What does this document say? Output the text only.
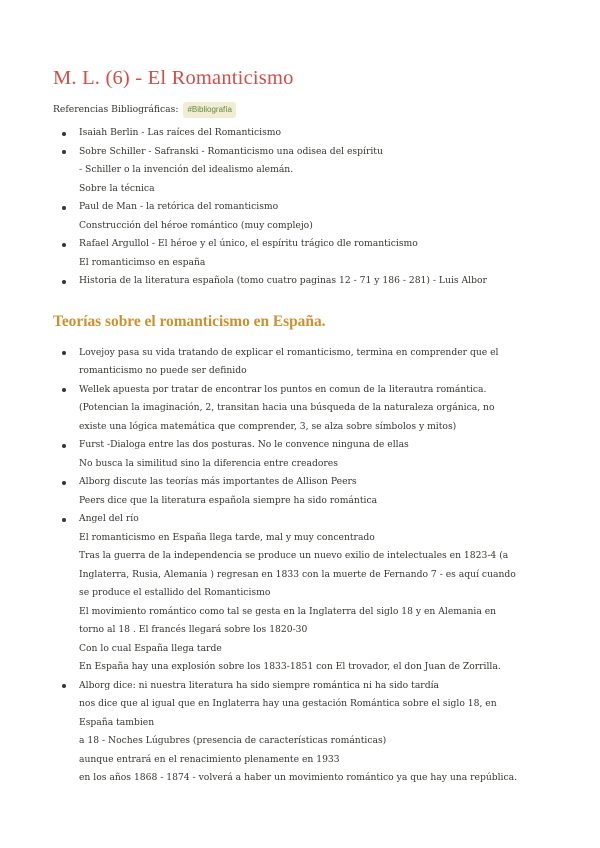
M. L. (6) - El Romanticismo
Referencias Bibliográficas:	#Bibliografía
Isaiah Berlin - Las raíces del Romanticismo
Sobre Schiller - Safranski - Romanticismo una odisea del espíritu
- Schiller o la invención del idealismo alemán.
Sobre la técnica
Paul de Man - la retórica del romanticismo
Construcción del héroe romántico (muy complejo)
Rafael Argullol - El héroe y el único, el espíritu trágico dle romanticismo
El romanticimso en españa
Historia de la literatura española (tomo cuatro paginas 12 - 71 y 186 - 281) - Luis Albor
Teorías sobre el romanticismo en España.
Lovejoy pasa su vida tratando de explicar el romanticismo, termina en comprender que el
romanticismo no puede ser definido
Wellek apuesta por tratar de encontrar los puntos en comun de la literautra romántica.
(Potencian la imaginación, 2, transitan hacia una búsqueda de la naturaleza orgánica, no
existe una lógica matemática que comprender, 3, se alza sobre símbolos y mitos)
Furst -Dialoga entre las dos posturas. No le convence ninguna de ellas
No busca la similitud sino la diferencia entre creadores
Alborg discute las teorías más importantes de Allison Peers
Peers dice que la literatura española siempre ha sido romántica
Angel del río
El romanticismo en España llega tarde, mal y muy concentrado
Tras la guerra de la independencia se produce un nuevo exilio de intelectuales en 1823-4 (a
Inglaterra, Rusia, Alemania ) regresan en 1833 con la muerte de Fernando 7 - es aquí cuando
se produce el estallido del Romanticismo
El movimiento romántico como tal se gesta en la Inglaterra del siglo 18 y en Alemania en
torno al 18 . El francés llegará sobre los 1820-30
Con lo cual España llega tarde
En España hay una explosión sobre los 1833-1851 con El trovador, el don Juan de Zorrilla.
Alborg dice: ni nuestra literatura ha sido siempre romántica ni ha sido tardía
nos dice que al igual que en Inglaterra hay una gestación Romántica sobre el siglo 18, en
España tambien
a 18 - Noches Lúgubres (presencia de características románticas)
aunque entrará en el renacimiento plenamente en 1933
en los años 1868 - 1874 - volverá a haber un movimiento romántico ya que hay una república.
